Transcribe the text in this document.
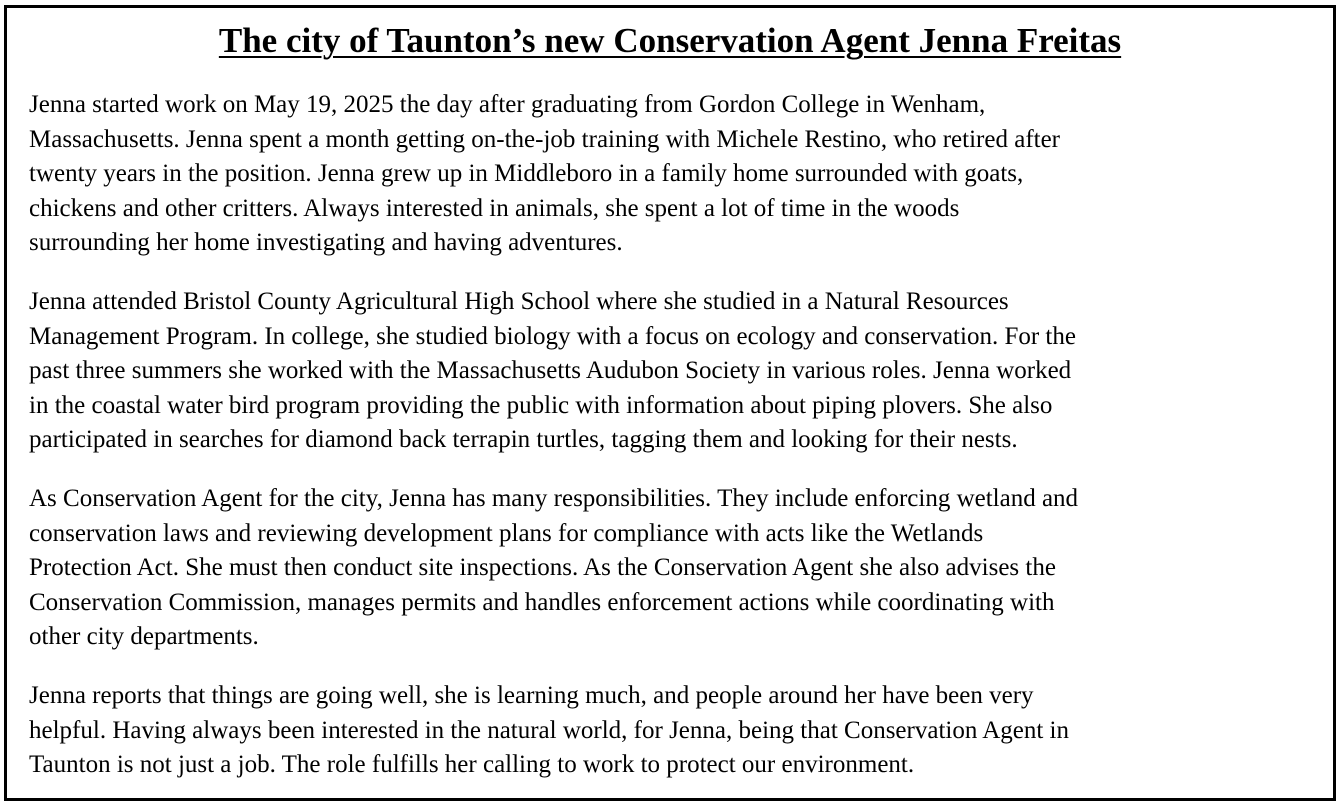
The city of Taunton’s new Conservation Agent Jenna Freitas

Jenna started work on May 19, 2025 the day after graduating from Gordon College in Wenham,
Massachusetts. Jenna spent a month getting on-the-job training with Michele Restino, who retired after
twenty years in the position. Jenna grew up in Middleboro in a family home surrounded with goats,
chickens and other critters. Always interested in animals, she spent a lot of time in the woods
surrounding her home investigating and having adventures.

Jenna attended Bristol County Agricultural High School where she studied in a Natural Resources
Management Program. In college, she studied biology with a focus on ecology and conservation. For the
past three summers she worked with the Massachusetts Audubon Society in various roles. Jenna worked
in the coastal water bird program providing the public with information about piping plovers. She also
participated in searches for diamond back terrapin turtles, tagging them and looking for their nests.

As Conservation Agent for the city, Jenna has many responsibilities. They include enforcing wetland and
conservation laws and reviewing development plans for compliance with acts like the Wetlands
Protection Act. She must then conduct site inspections. As the Conservation Agent she also advises the
Conservation Commission, manages permits and handles enforcement actions while coordinating with
other city departments.

Jenna reports that things are going well, she is learning much, and people around her have been very
helpful. Having always been interested in the natural world, for Jenna, being that Conservation Agent in
Taunton is not just a job. The role fulfills her calling to work to protect our environment.
